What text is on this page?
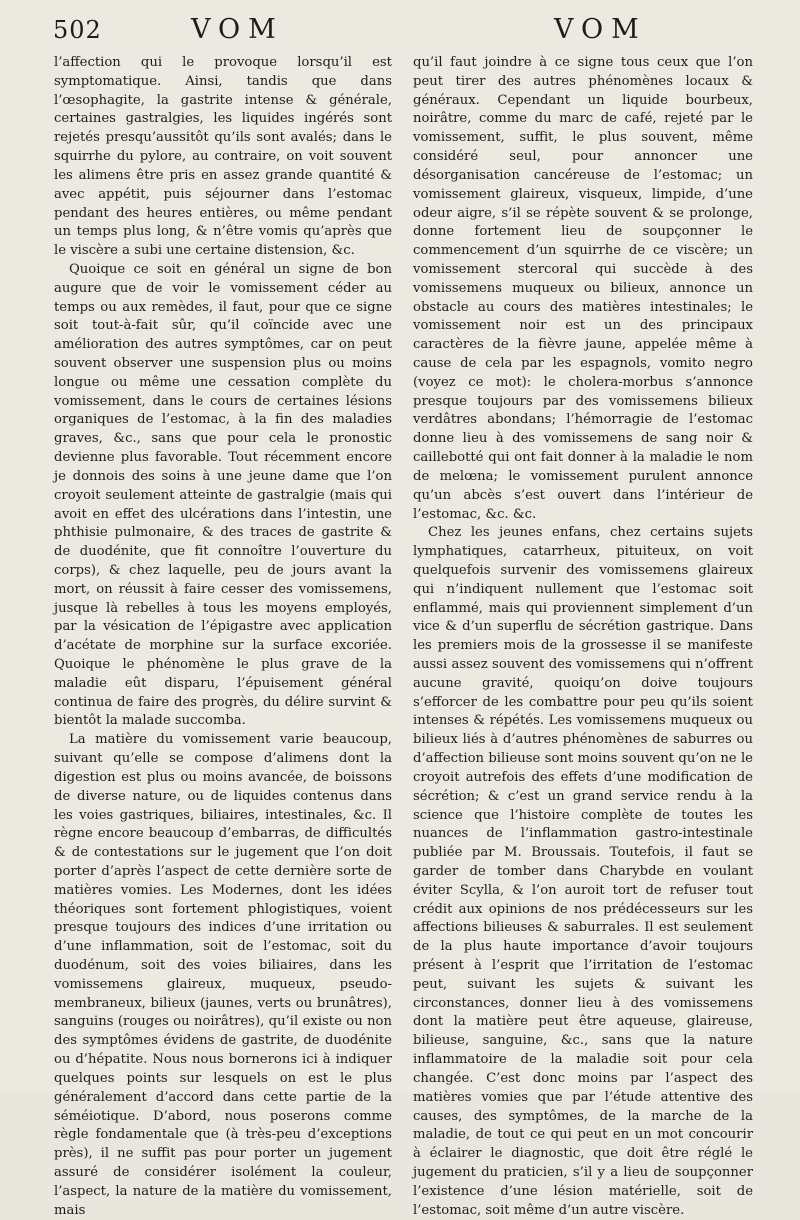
502	VOM	VOM

l’affection qui le provoque lorsqu’il est symptomatique. Ainsi, tandis que dans l’œsophagite, la gastrite intense & générale, certaines gastralgies, les liquides ingérés sont rejetés presqu’aussitôt qu’ils sont avalés; dans le squirrhe du pylore, au contraire, on voit souvent les alimens être pris en assez grande quantité & avec appétit, puis séjourner dans l’estomac pendant des heures entières, ou même pendant un temps plus long, & n’être vomis qu’après que le viscère a subi une certaine distension, &c.

Quoique ce soit en général un signe de bon augure que de voir le vomissement céder au temps ou aux remèdes, il faut, pour que ce signe soit tout-à-fait sûr, qu’il coïncide avec une amélioration des autres symptômes, car on peut souvent observer une suspension plus ou moins longue ou même une cessation complète du vomissement, dans le cours de certaines lésions organiques de l’estomac, à la fin des maladies graves, &c., sans que pour cela le pronostic devienne plus favorable. Tout récemment encore je donnois des soins à une jeune dame que l’on croyoit seulement atteinte de gastralgie (mais qui avoit en effet des ulcérations dans l’intestin, une phthisie pulmonaire, & des traces de gastrite & de duodénite, que fit connoître l’ouverture du corps), & chez laquelle, peu de jours avant la mort, on réussit à faire cesser des vomissemens, jusque là rebelles à tous les moyens employés, par la vésication de l’épigastre avec application d’acétate de morphine sur la surface excoriée. Quoique le phénomène le plus grave de la maladie eût disparu, l’épuisement général continua de faire des progrès, du délire survint & bientôt la malade succomba.

La matière du vomissement varie beaucoup, suivant qu’elle se compose d’alimens dont la digestion est plus ou moins avancée, de boissons de diverse nature, ou de liquides contenus dans les voies gastriques, biliaires, intestinales, &c. Il règne encore beaucoup d’embarras, de difficultés & de contestations sur le jugement que l’on doit porter d’après l’aspect de cette dernière sorte de matières vomies. Les Modernes, dont les idées théoriques sont fortement phlogistiques, voient presque toujours des indices d’une irritation ou d’une inflammation, soit de l’estomac, soit du duodénum, soit des voies biliaires, dans les vomissemens glaireux, muqueux, pseudo-membraneux, bilieux (jaunes, verts ou brunâtres), sanguins (rouges ou noirâtres), qu’il existe ou non des symptômes évidens de gastrite, de duodénite ou d’hépatite. Nous nous bornerons ici à indiquer quelques points sur lesquels on est le plus généralement d’accord dans cette partie de la séméiotique. D’abord, nous poserons comme règle fondamentale que (à très-peu d’exceptions près), il ne suffit pas pour porter un jugement assuré de considérer isolément la couleur, l’aspect, la nature de la matière du vomissement, mais

qu’il faut joindre à ce signe tous ceux que l’on peut tirer des autres phénomènes locaux & généraux. Cependant un liquide bourbeux, noirâtre, comme du marc de café, rejeté par le vomissement, suffit, le plus souvent, même considéré seul, pour annoncer une désorganisation cancéreuse de l’estomac; un vomissement glaireux, visqueux, limpide, d’une odeur aigre, s’il se répète souvent & se prolonge, donne fortement lieu de soupçonner le commencement d’un squirrhe de ce viscère; un vomissement stercoral qui succède à des vomissemens muqueux ou bilieux, annonce un obstacle au cours des matières intestinales; le vomissement noir est un des principaux caractères de la fièvre jaune, appelée même à cause de cela par les espagnols, vomito negro (voyez ce mot): le cholera-morbus s’annonce presque toujours par des vomissemens bilieux verdâtres abondans; l’hémorragie de l’estomac donne lieu à des vomissemens de sang noir & caillebotté qui ont fait donner à la maladie le nom de melœna; le vomissement purulent annonce qu’un abcès s’est ouvert dans l’intérieur de l’estomac, &c. &c.

Chez les jeunes enfans, chez certains sujets lymphatiques, catarrheux, pituiteux, on voit quelquefois survenir des vomissemens glaireux qui n’indiquent nullement que l’estomac soit enflammé, mais qui proviennent simplement d’un vice & d’un superflu de sécrétion gastrique. Dans les premiers mois de la grossesse il se manifeste aussi assez souvent des vomissemens qui n’offrent aucune gravité, quoiqu’on doive toujours s’efforcer de les combattre pour peu qu’ils soient intenses & répétés. Les vomissemens muqueux ou bilieux liés à d’autres phénomènes de saburres ou d’affection bilieuse sont moins souvent qu’on ne le croyoit autrefois des effets d’une modification de sécrétion; & c’est un grand service rendu à la science que l’histoire complète de toutes les nuances de l’inflammation gastro-intestinale publiée par M. Broussais. Toutefois, il faut se garder de tomber dans Charybde en voulant éviter Scylla, & l’on auroit tort de refuser tout crédit aux opinions de nos prédécesseurs sur les affections bilieuses & saburrales. Il est seulement de la plus haute importance d’avoir toujours présent à l’esprit que l’irritation de l’estomac peut, suivant les sujets & suivant les circonstances, donner lieu à des vomissemens dont la matière peut être aqueuse, glaireuse, bilieuse, sanguine, &c., sans que la nature inflammatoire de la maladie soit pour cela changée. C’est donc moins par l’aspect des matières vomies que par l’étude attentive des causes, des symptômes, de la marche de la maladie, de tout ce qui peut en un mot concourir à éclairer le diagnostic, que doit être réglé le jugement du praticien, s’il y a lieu de soupçonner l’existence d’une lésion matérielle, soit de l’estomac, soit même d’un autre viscère.
